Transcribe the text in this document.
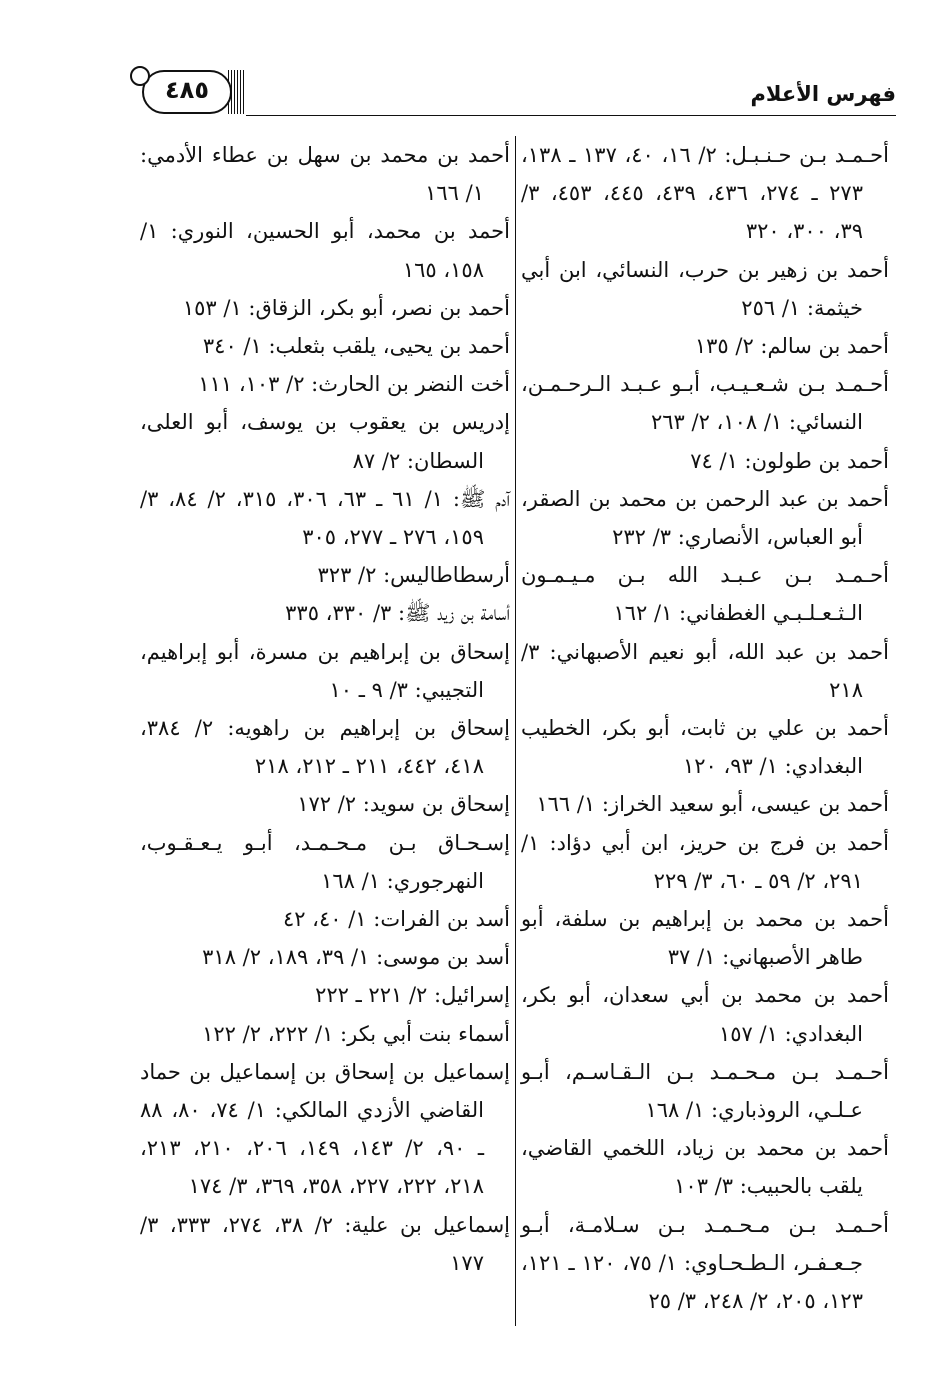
فهرس الأعلام
٤٨٥

أحـمـد بـن حـنـبـل: ٢/ ١٦، ٤٠، ١٣٧ ـ ١٣٨، ٢٧٣ ـ ٢٧٤، ٤٣٦، ٤٣٩، ٤٤٥، ٤٥٣، ٣/ ٣٩، ٣٠٠، ٣٢٠

أحمد بن زهير بن حرب، النسائي، ابن أبي خيثمة: ١/ ٢٥٦

أحمد بن سالم: ٢/ ١٣٥

أحـمـد بـن شـعـيـب، أبـو عـبـد الـرحـمـن، النسائي: ١/ ١٠٨، ٢/ ٢٦٣

أحمد بن طولون: ١/ ٧٤

أحمد بن عبد الرحمن بن محمد بن الصقر، أبو العباس، الأنصاري: ٣/ ٢٣٢

أحـمـد بـن عـبـد الله بـن مـيـمـون الـثـعـلـبـي الغطفاني: ١/ ١٦٢

أحمد بن عبد الله، أبو نعيم الأصبهاني: ٣/ ٢١٨

أحمد بن علي بن ثابت، أبو بكر، الخطيب البغدادي: ١/ ٩٣، ١٢٠

أحمد بن عيسى، أبو سعيد الخراز: ١/ ١٦٦

أحمد بن فرج بن حريز، ابن أبي دؤاد: ١/ ٢٩١، ٢/ ٥٩ ـ ٦٠، ٣/ ٢٢٩

أحمد بن محمد بن إبراهيم بن سلفة، أبو طاهر الأصبهاني: ١/ ٣٧

أحمد بن محمد بن أبي سعدان، أبو بكر، البغدادي: ١/ ١٥٧

أحـمـد بـن مـحـمـد بـن الـقـاسـم، أبـو عـلـي، الروذباري: ١/ ١٦٨

أحمد بن محمد بن زياد، اللخمي القاضي، يلقب بالحبيب: ٣/ ١٠٣

أحـمـد بـن مـحـمـد بـن سـلامـة، أبـو جـعـفـر، الـطـحـاوي: ١/ ٧٥، ١٢٠ ـ ١٢١، ١٢٣، ٢٠٥، ٢/ ٢٤٨، ٣/ ٢٥

أحمد بن محمد بن سهل بن عطاء الأدمي: ١/ ١٦٦

أحمد بن محمد، أبو الحسين، النوري: ١/ ١٥٨، ١٦٥

أحمد بن نصر، أبو بكر، الزقاق: ١/ ١٥٣

أحمد بن يحيى، يلقب بثعلب: ١/ ٣٤٠

أخت النضر بن الحارث: ٢/ ١٠٣، ١١١

إدريس بن يعقوب بن يوسف، أبو العلى، السطان: ٢/ ٨٧

آدم ﷺ: ١/ ٦١ ـ ٦٣، ٣٠٦، ٣١٥، ٢/ ٨٤، ٣/ ١٥٩، ٢٧٦ ـ ٢٧٧، ٣٠٥

أرسطاطاليس: ٢/ ٣٢٣

أسامة بن زيد ﷺ: ٣/ ٣٣٠، ٣٣٥

إسحاق بن إبراهيم بن مسرة، أبو إبراهيم، التجيبي: ٣/ ٩ ـ ١٠

إسحاق بن إبراهيم بن راهويه: ٢/ ٣٨٤، ٤١٨، ٤٤٢، ٢١١ ـ ٢١٢، ٢١٨

إسحاق بن سويد: ٢/ ١٧٢

إسـحـاق بـن مـحـمـد، أبـو يـعـقـوب، النهرجوري: ١/ ١٦٨

أسد بن الفرات: ١/ ٤٠، ٤٢

أسد بن موسى: ١/ ٣٩، ١٨٩، ٢/ ٣١٨

إسرائيل: ٢/ ٢٢١ ـ ٢٢٢

أسماء بنت أبي بكر: ١/ ٢٢٢، ٢/ ١٢٢

إسماعيل بن إسحاق بن إسماعيل بن حماد القاضي الأزدي المالكي: ١/ ٧٤، ٨٠، ٨٨ ـ ٩٠، ٢/ ١٤٣، ١٤٩، ٢٠٦، ٢١٠، ٢١٣، ٢١٨، ٢٢٢، ٢٢٧، ٣٥٨، ٣٦٩، ٣/ ١٧٤

إسماعيل بن علية: ٢/ ٣٨، ٢٧٤، ٣٣٣، ٣/ ١٧٧
